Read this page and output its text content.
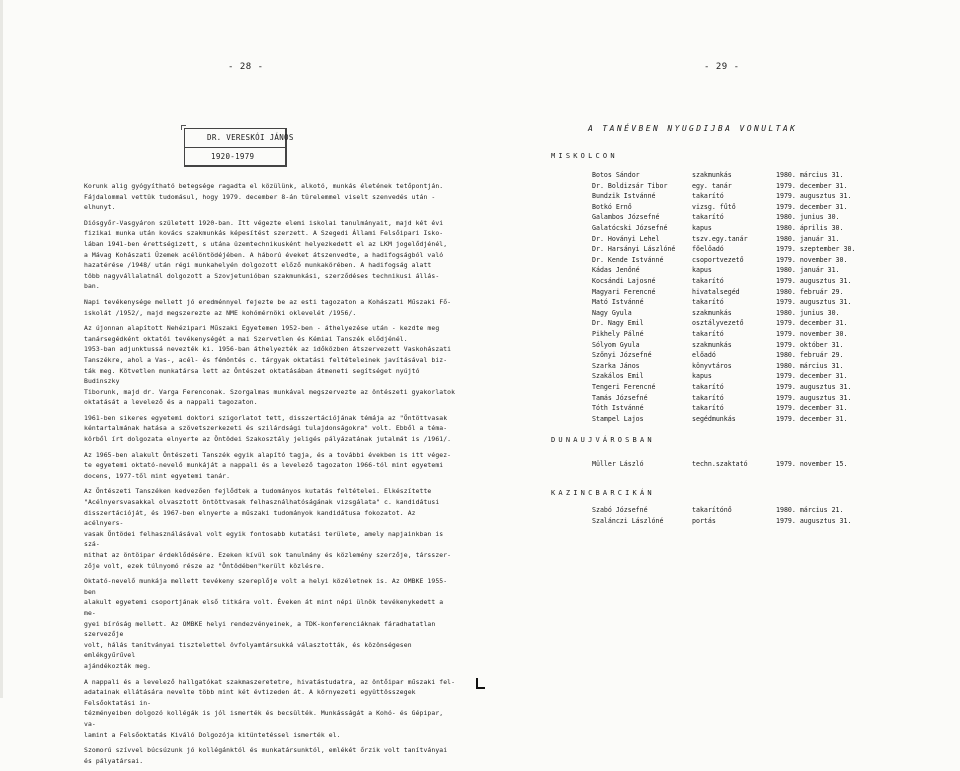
- 28 -
DR. VERESKÓI JÁNOS
1920-1979

Korunk alig gyógyítható betegsége ragadta el közülünk, alkotó, munkás életének tetőpontján.
Fájdalommal vettük tudomásul, hogy 1979. december 8-án türelemmel viselt szenvedés után -
elhunyt.

Diósgyőr-Vasgyáron született 1920-ban. Itt végezte elemi iskolai tanulmányait, majd két évi
fizikai munka után kovács szakmunkás képesítést szerzett. A Szegedi Állami Felsőipari Isko-
lában 1941-ben érettségizett, s utána üzemtechnikusként helyezkedett el az LKM jogelődjénél,
a Mávag Kohászati Üzemek acélöntödéjében. A háború éveket átszenvedte, a hadifogságból való
hazatérése /1948/ után régi munkahelyén dolgozott előző munkakörében. A hadifogság alatt
több nagyvállalatnál dolgozott a Szovjetunióban szakmunkási, szerződéses technikusi állás-
ban.

Napi tevékenysége mellett jó eredménnyel fejezte be az esti tagozaton a Kohászati Műszaki Fő-
iskolát /1952/, majd megszerezte az NME kohómérnöki oklevelét /1956/.

Az újonnan alapított Nehézipari Műszaki Egyetemen 1952-ben - áthelyezése után - kezdte meg
tanársegédként oktatói tevékenységét a mai Szervetlen és Kémiai Tanszék elődjénél.
1953-ban adjunktussá nevezték ki. 1956-ban áthelyezték az időközben átszervezett Vaskohászati
Tanszékre, ahol a Vas-, acél- és fémöntés c. tárgyak oktatási feltételeinek javításával biz-
ták meg. Kötvetlen munkatársa lett az Öntészet oktatásában átmeneti segítséget nyújtó Budinszky
Tiborunk, majd dr. Varga Ferenconak. Szorgalmas munkával megszervezte az öntészeti gyakorlatok
oktatását a levelező és a nappali tagozaton.

1961-ben sikeres egyetemi doktori szigorlatot tett, disszertációjának témája az "Öntöttvasak
kéntartalmának hatása a szövetszerkezeti és szilárdsági tulajdonságokra" volt. Ebből a téma-
körből írt dolgozata elnyerte az Öntödei Szakosztály jeligés pályázatának jutalmát is /1961/.

Az 1965-ben alakult Öntészeti Tanszék egyik alapító tagja, és a további években is itt végez-
te egyetemi oktató-nevelő munkáját a nappali és a levelező tagozaton 1966-tól mint egyetemi
docens, 1977-től mint egyetemi tanár.

Az Öntészeti Tanszéken kedvezően fejlődtek a tudományos kutatás feltételei. Elkészítette
"Acélnyersvasakkal olvasztott öntöttvasak felhasználhatóságának vizsgálata" c. kandidátusi
disszertációját, és 1967-ben elnyerte a műszaki tudományok kandidátusa fokozatot. Az acélnyers-
vasak Öntödei felhasználásával volt egyik fontosabb kutatási területe, amely napjainkban is szá-
mithat az öntöipar érdeklődésére. Ezeken kívül sok tanulmány és közlemény szerzője, társszer-
zője volt, ezek túlnyomó része az "Öntödében"került közlésre.

Oktató-nevelő munkája mellett tevékeny szereplője volt a helyi közéletnek is. Az OMBKE 1955-ben
alakult egyetemi csoportjának első titkára volt. Éveken át mint népi ülnök tevékenykedett a me-
gyei bíróság mellett. Az OMBKE helyi rendezvényeinek, a TDK-konferenciáknak fáradhatatlan szervezője
volt, hálás tanítványai tisztelettel övfolyamtársukká választották, és közönségesen emlékgyűrűvel
ajándékozták meg.

A nappali és a levelező hallgatókat szakmaszeretetre, hivatástudatra, az öntőipar műszaki fel-
adatainak ellátására nevelte több mint két évtizeden át. A környezeti együttösszegek Felsőoktatási in-
tézményeiben dolgozó kollégák is jól ismerték és becsülték. Munkásságát a Kohó- és Gépipar, va-
lamint a Felsőoktatás Kiváló Dolgozója kitüntetéssel ismerték el.

Szomorú szívvel búcsúzunk jó kollégánktól és munkatársunktól, emlékét őrzik volt tanítványai
és pályatársai.

- 29 -
A TANÉVBEN NYUGDIJBA VONULTAK
MISKOLCON
DUNAUJVÁROSBAN
KAZINCBARCIKÁN
Botos Sándor	szakmunkás	1980. március 31.
Dr. Boldizsár Tibor	egy. tanár	1979. december 31.
Bundzik Istvánné	takarító	1979. augusztus 31.
Botkó Ernő	vizsg. fűtő	1979. december 31.
Galambos Józsefné	takarító	1980. junius 30.
Galatócski Józsefné	kapus	1980. április 30.
Dr. Hoványi Lehel	tszv.egy.tanár	1980. január 31.
Dr. Harsányi Lászlóné	főelőadó	1979. szeptember 30.
Dr. Kende Istvánné	csoportvezető	1979. november 30.
Kádas Jenőné	kapus	1980. január 31.
Kocsándi Lajosné	takarító	1979. augusztus 31.
Magyari Ferencné	hivatalsegéd	1980. február 29.
Mató Istvánné	takarító	1979. augusztus 31.
Nagy Gyula	szakmunkás	1980. junius 30.
Dr. Nagy Emil	osztályvezető	1979. december 31.
Pikhely Pálné	takarító	1979. november 30.
Sólyom Gyula	szakmunkás	1979. október 31.
Szőnyi Józsefné	előadó	1980. február 29.
Szarka János	könyvtáros	1980. március 31.
Szakálos Emil	kapus	1979. december 31.
Tengeri Ferencné	takarító	1979. augusztus 31.
Tamás Józsefné	takarító	1979. augusztus 31.
Tóth Istvánné	takarító	1979. december 31.
Stampel Lajos	segédmunkás	1979. december 31.
Müller László	techn.szaktató	1979. november 15.
Szabó Józsefné	takarítónő	1980. március 21.
Szalánczi Lászlóné	portás	1979. augusztus 31.
